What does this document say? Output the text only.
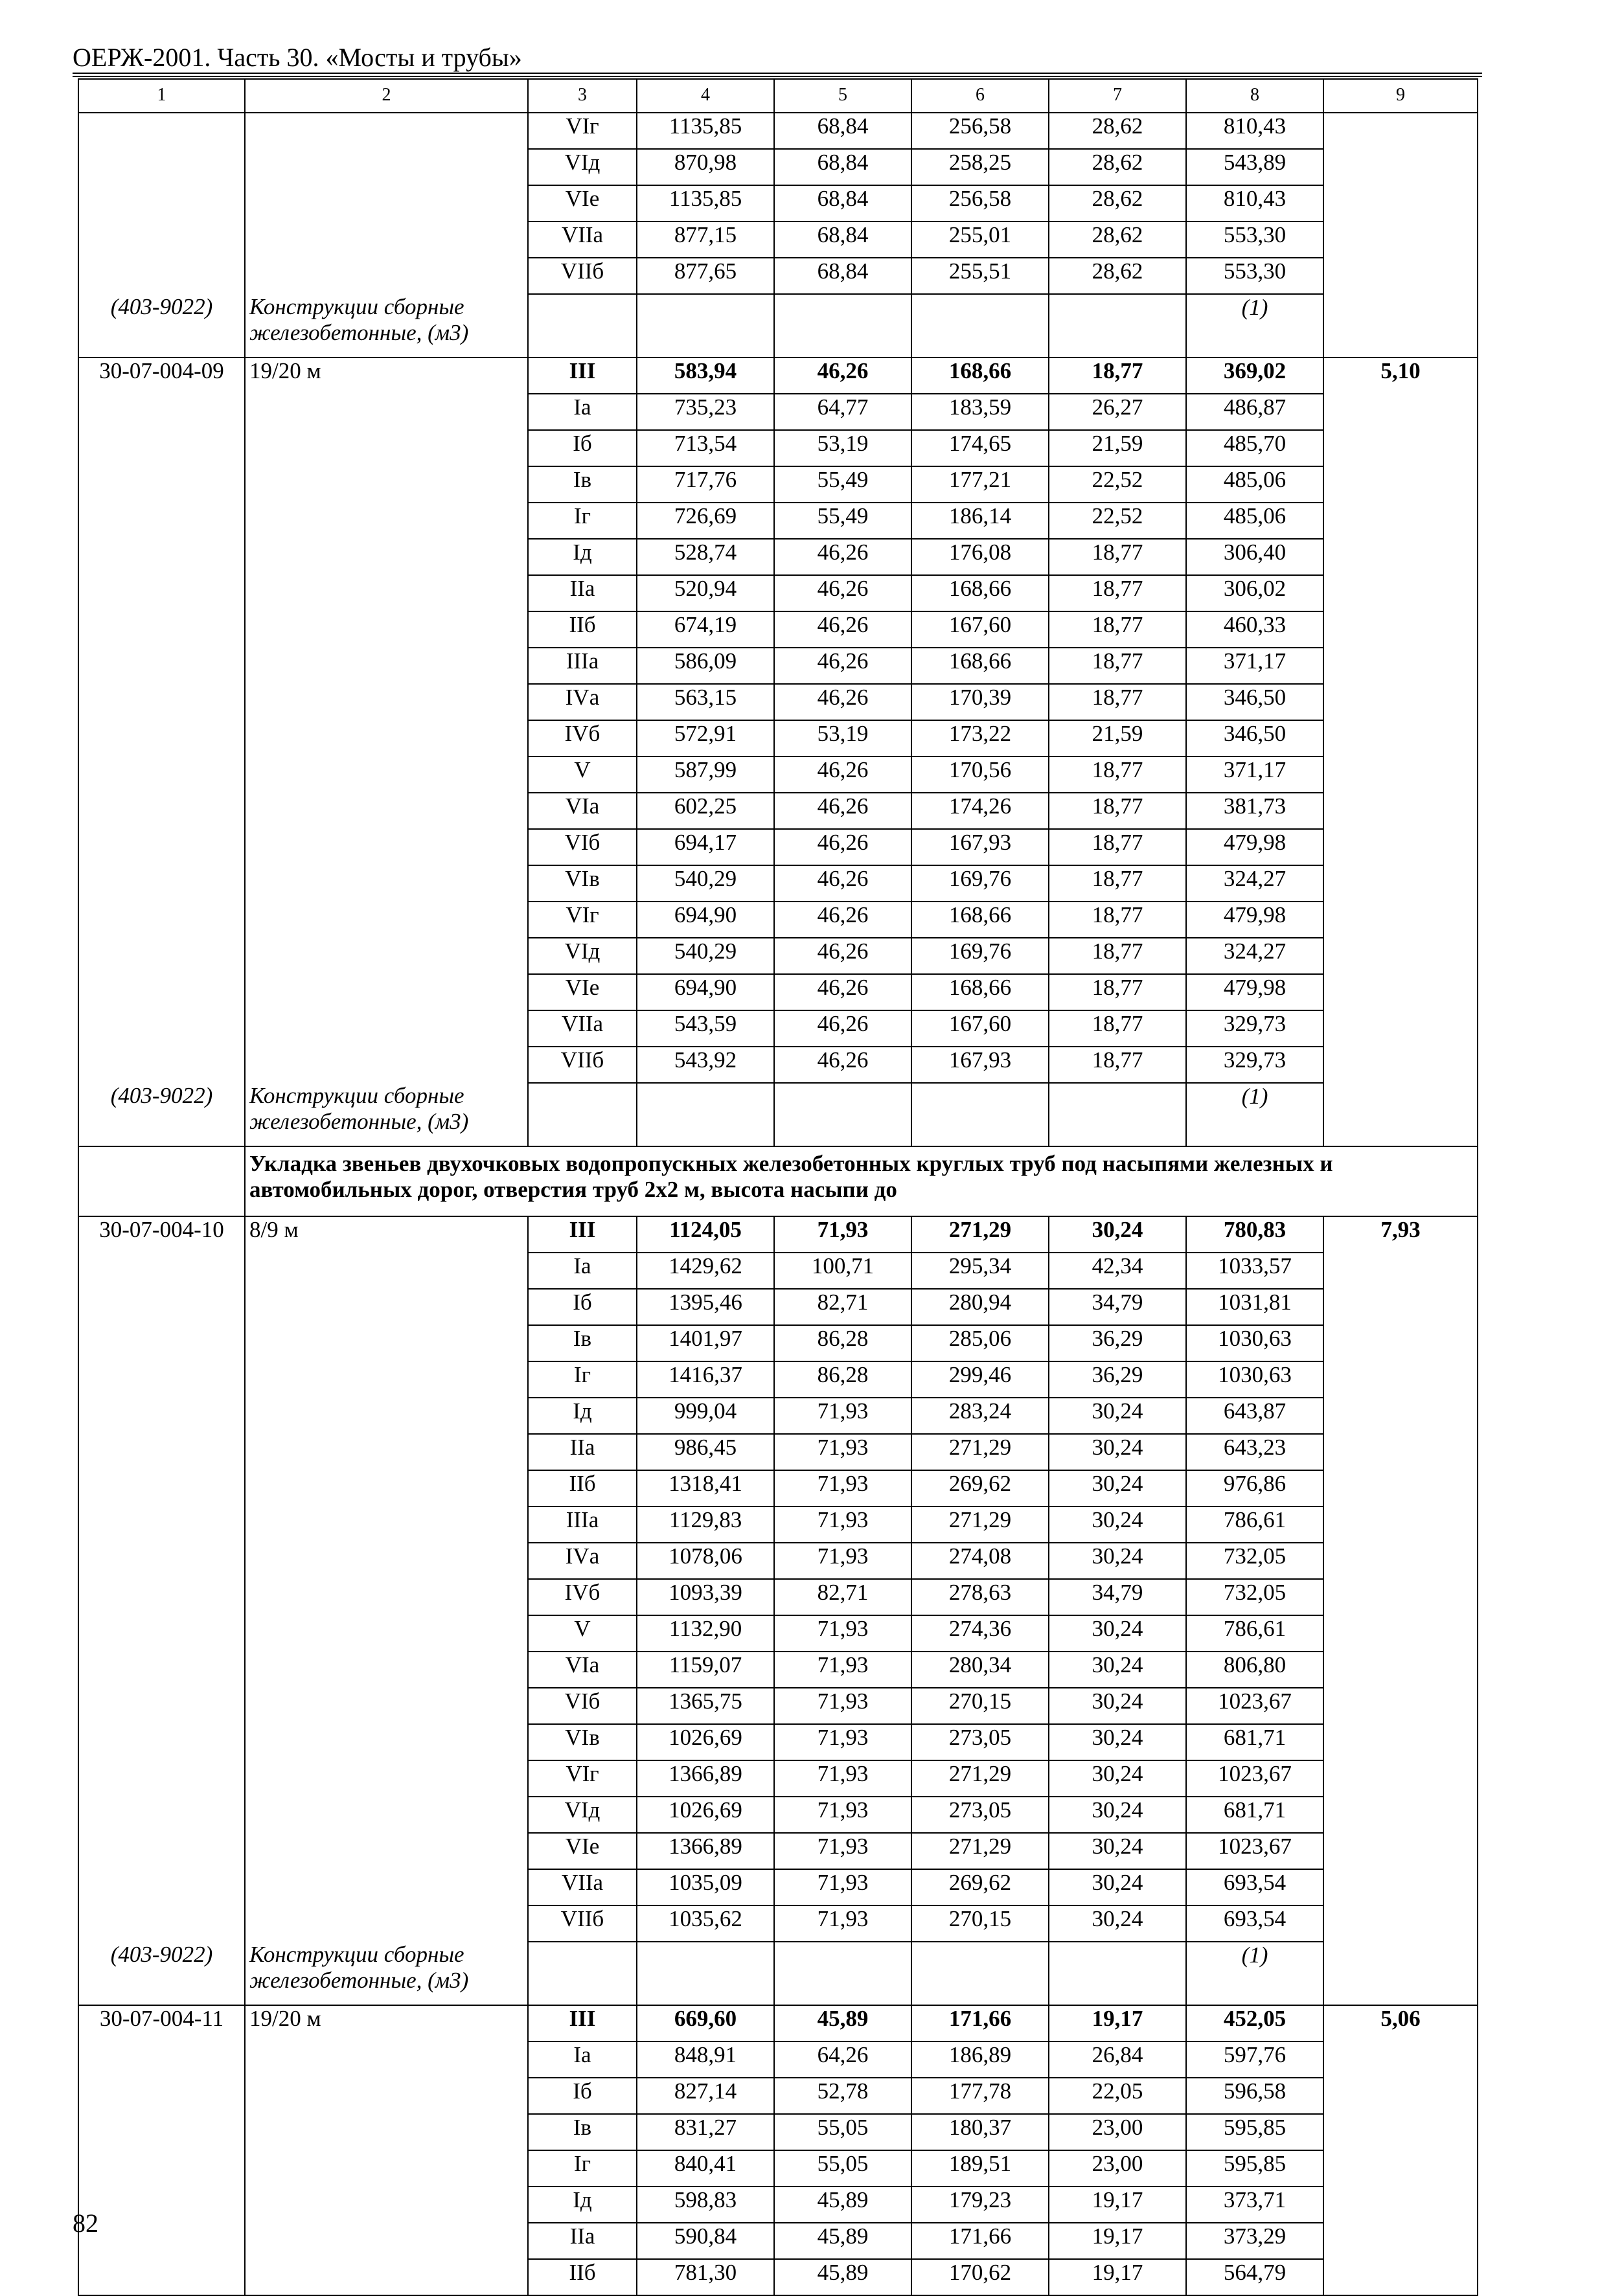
ОЕРЖ-2001. Часть 30. «Мосты и трубы»
1	2	3	4	5	6	7	8	9
		VIг	1135,85	68,84	256,58	28,62	810,43	
		VIд	870,98	68,84	258,25	28,62	543,89	
		VIе	1135,85	68,84	256,58	28,62	810,43	
		VIIа	877,15	68,84	255,01	28,62	553,30	
		VIIб	877,65	68,84	255,51	28,62	553,30	
(403-9022)	Конструкции сборные железобетонные, (м3)						(1)	
30-07-004-09	19/20 м	III	583,94	46,26	168,66	18,77	369,02	5,10
		Iа	735,23	64,77	183,59	26,27	486,87	
		Iб	713,54	53,19	174,65	21,59	485,70	
		Iв	717,76	55,49	177,21	22,52	485,06	
		Iг	726,69	55,49	186,14	22,52	485,06	
		Iд	528,74	46,26	176,08	18,77	306,40	
		IIа	520,94	46,26	168,66	18,77	306,02	
		IIб	674,19	46,26	167,60	18,77	460,33	
		IIIа	586,09	46,26	168,66	18,77	371,17	
		IVа	563,15	46,26	170,39	18,77	346,50	
		IVб	572,91	53,19	173,22	21,59	346,50	
		V	587,99	46,26	170,56	18,77	371,17	
		VIа	602,25	46,26	174,26	18,77	381,73	
		VIб	694,17	46,26	167,93	18,77	479,98	
		VIв	540,29	46,26	169,76	18,77	324,27	
		VIг	694,90	46,26	168,66	18,77	479,98	
		VIд	540,29	46,26	169,76	18,77	324,27	
		VIе	694,90	46,26	168,66	18,77	479,98	
		VIIа	543,59	46,26	167,60	18,77	329,73	
		VIIб	543,92	46,26	167,93	18,77	329,73	
(403-9022)	Конструкции сборные железобетонные, (м3)						(1)	
	Укладка звеньев двухочковых водопропускных железобетонных круглых труб под насыпями железных и автомобильных дорог, отверстия труб 2х2 м, высота насыпи до							
30-07-004-10	8/9 м	III	1124,05	71,93	271,29	30,24	780,83	7,93
		Iа	1429,62	100,71	295,34	42,34	1033,57	
		Iб	1395,46	82,71	280,94	34,79	1031,81	
		Iв	1401,97	86,28	285,06	36,29	1030,63	
		Iг	1416,37	86,28	299,46	36,29	1030,63	
		Iд	999,04	71,93	283,24	30,24	643,87	
		IIа	986,45	71,93	271,29	30,24	643,23	
		IIб	1318,41	71,93	269,62	30,24	976,86	
		IIIа	1129,83	71,93	271,29	30,24	786,61	
		IVа	1078,06	71,93	274,08	30,24	732,05	
		IVб	1093,39	82,71	278,63	34,79	732,05	
		V	1132,90	71,93	274,36	30,24	786,61	
		VIа	1159,07	71,93	280,34	30,24	806,80	
		VIб	1365,75	71,93	270,15	30,24	1023,67	
		VIв	1026,69	71,93	273,05	30,24	681,71	
		VIг	1366,89	71,93	271,29	30,24	1023,67	
		VIд	1026,69	71,93	273,05	30,24	681,71	
		VIе	1366,89	71,93	271,29	30,24	1023,67	
		VIIа	1035,09	71,93	269,62	30,24	693,54	
		VIIб	1035,62	71,93	270,15	30,24	693,54	
(403-9022)	Конструкции сборные железобетонные, (м3)						(1)	
30-07-004-11	19/20 м	III	669,60	45,89	171,66	19,17	452,05	5,06
		Iа	848,91	64,26	186,89	26,84	597,76	
		Iб	827,14	52,78	177,78	22,05	596,58	
		Iв	831,27	55,05	180,37	23,00	595,85	
		Iг	840,41	55,05	189,51	23,00	595,85	
		Iд	598,83	45,89	179,23	19,17	373,71	
		IIа	590,84	45,89	171,66	19,17	373,29	
		IIб	781,30	45,89	170,62	19,17	564,79	
82
